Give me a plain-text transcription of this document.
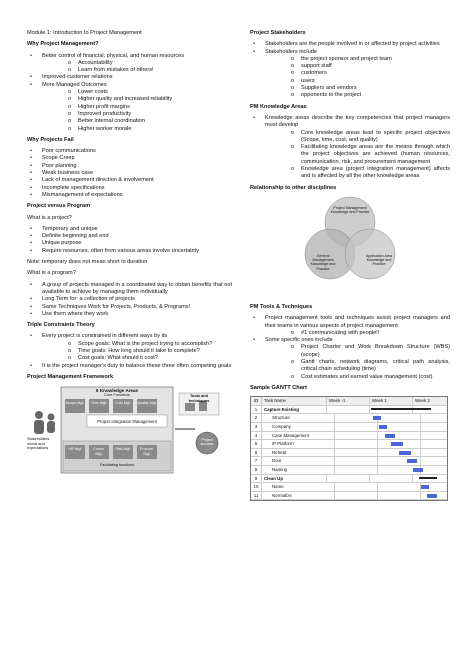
Module 1: Introduction to Project Management
Why Project Management?
• Better control of financial, physical, and human resources
o Accountability
o Learn from mistakes of others!
• Improved customer relations
• More Managed Outcomes
o Lower costs
o Higher quality and increased reliability
o Higher profit margins
o Improved productivity
o Better internal coordination
o Higher worker morale
Why Projects Fail
• Poor communications
• Scope Creep
• Poor planning
• Weak business case
• Lack of management direction & involvement
• Incomplete specifications
• Mismanagement of expectations
Project versus Program
What is a project?
• Temporary and unique
• Definite beginning and end
• Unique purpose
• Require resources, often from various areas involve uncertainty
Note: temporary does not mean short in duration
What is a program?
• A group of projects managed in a coordinated way to obtain benefits that not available to achieve by managing them individually
• Long Term for: a collection of projects
• Same Techniques Work for Projects, Products, & Programs!
• Use them where they work
Triple Constraints Theory
• Every project is constrained in different ways by its
o Scope goals: What is the project trying to accomplish?
o Time goals: How long should it take to complete?
o Cost goals: What should it cost?
• It is the project manager's duty to balance these three often competing goals
Project Management Framework
9 Knowledge Areas
Core Functions
Scope Mgt.	Time Mgt.	Cost Mgt.	Quality Mgt.
Project Integration Management
HR Mgt.	Comm. Mgt.
Risk Mgt.	Procure. Mgt.
Facilitating functions
Tools and techniques
Stakeholders' needs and expectations
Project success
Project Stakeholders
• Stakeholders are the people involved in or affected by project activities
• Stakeholders include
o the project sponsor and project team
o support staff
o customers
o users
o Suppliers and vendors
o opponents to the project
PM Knowledge Areas
• Knowledge areas describe the key competencies that project managers must develop
o Core knowledge areas lead to specific project objectives (Scope, time, cost, and quality)
o Facilitating knowledge areas are the means through which the project objectives are achieved (human resources, communication, risk, and procurement management
o Knowledge area (project integration management) affects and is affected by all the other knowledge areas
Relationship to other disciplines
Project Management Knowledge and Practice
General Management Knowledge and Practice
Application Area Knowledge and Practice
PM Tools & Techniques
• Project management tools and techniques assist project managers and their teams in various aspects of project management
o #1 communicating with people!!
• Some specific ones include
o Project Charter and Work Breakdown Structure (WBS) (scope)
o Gantt charts, network diagrams, critical path analysis, critical chain scheduling (time)
o Cost estimates and earned value management (cost)
Sample GANTT Chart
ID	Task Name	Week -1	Week 1	Week 2
1	Capture Existing
2	Structure
3	Company
4	Case Management
5	IP Platform
6	Retreat
7	Door
8	Naming
9	Clean Up
10	Name
11	Normalize
